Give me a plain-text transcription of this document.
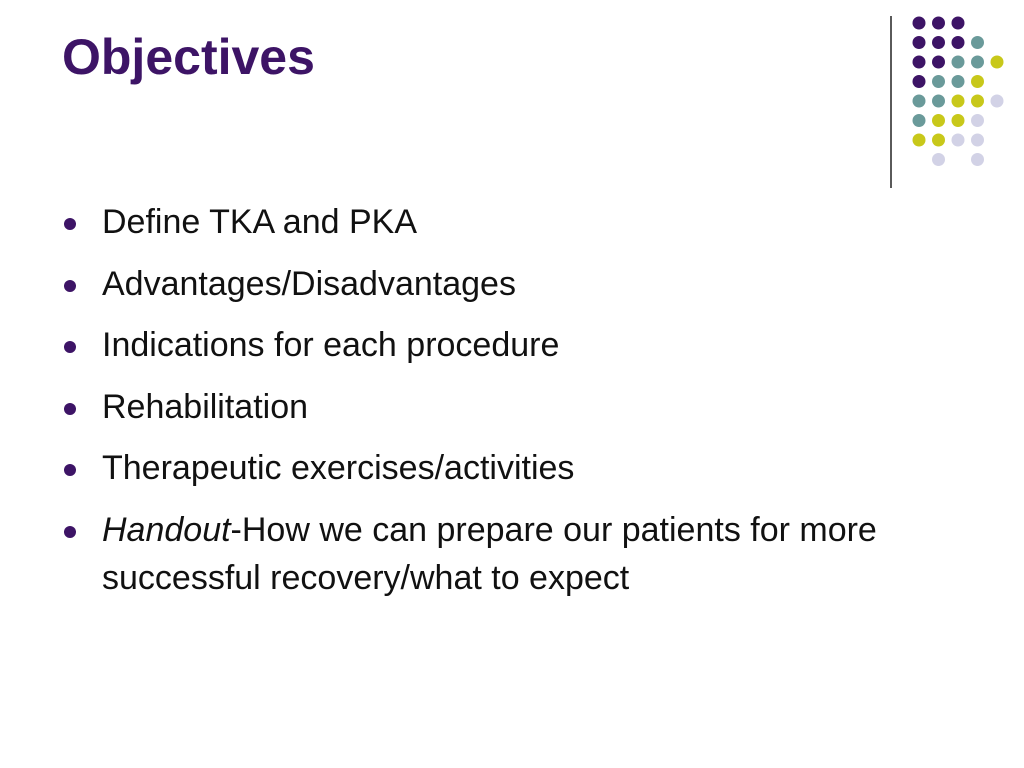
Objectives
Define TKA and PKA
Advantages/Disadvantages
Indications for each procedure
Rehabilitation
Therapeutic exercises/activities
Handout-How we can prepare our patients for more successful recovery/what to expect
